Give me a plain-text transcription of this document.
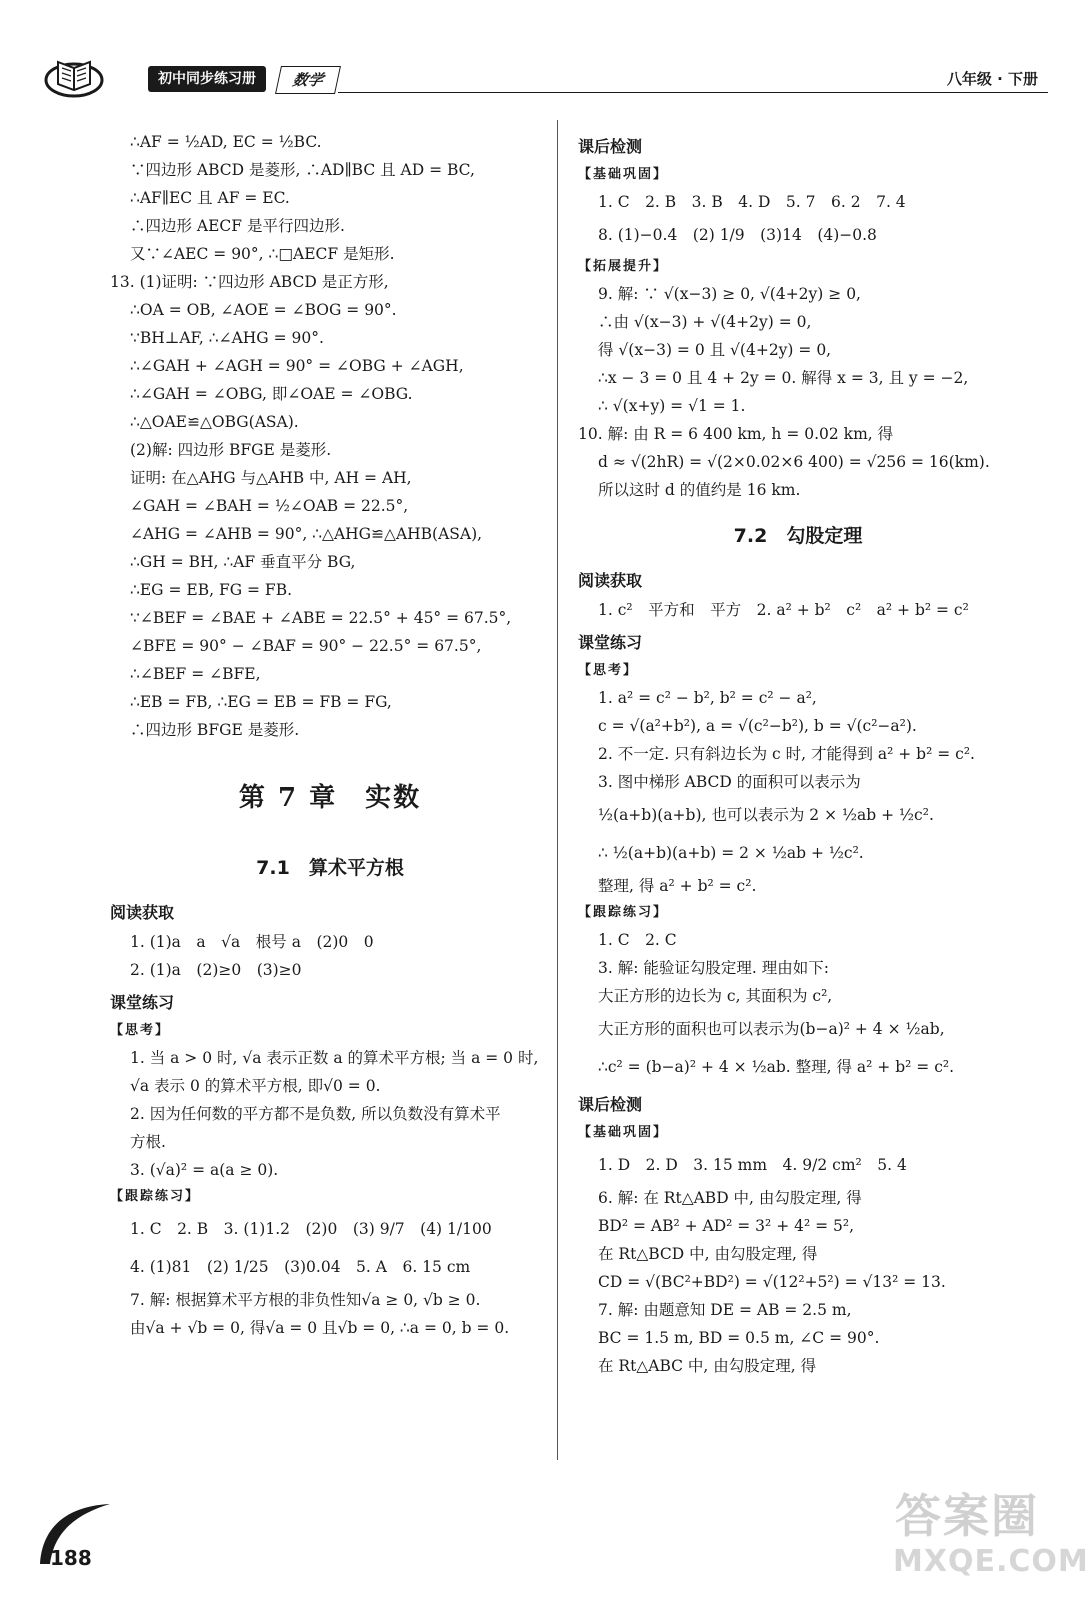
初中同步练习册	数学	八年级 · 下册
∴AF = ½AD, EC = ½BC.
∵四边形 ABCD 是菱形, ∴AD∥BC 且 AD = BC,
∴AF∥EC 且 AF = EC.
∴四边形 AECF 是平行四边形.
又∵∠AEC = 90°, ∴□AECF 是矩形.
13. (1)证明: ∵四边形 ABCD 是正方形,
∴OA = OB, ∠AOE = ∠BOG = 90°.
∵BH⊥AF, ∴∠AHG = 90°.
∴∠GAH + ∠AGH = 90° = ∠OBG + ∠AGH,
∴∠GAH = ∠OBG, 即∠OAE = ∠OBG.
∴△OAE≌△OBG(ASA).
(2)解: 四边形 BFGE 是菱形.
证明: 在△AHG 与△AHB 中, AH = AH,
∠GAH = ∠BAH = ½∠OAB = 22.5°,
∠AHG = ∠AHB = 90°, ∴△AHG≌△AHB(ASA),
∴GH = BH, ∴AF 垂直平分 BG,
∴EG = EB, FG = FB.
∵∠BEF = ∠BAE + ∠ABE = 22.5° + 45° = 67.5°,
∠BFE = 90° − ∠BAF = 90° − 22.5° = 67.5°,
∴∠BEF = ∠BFE,
∴EB = FB, ∴EG = EB = FB = FG,
∴四边形 BFGE 是菱形.
第 7 章　实数
7.1　算术平方根
阅读获取
1. (1)a　a　√a　根号 a　(2)0　0
2. (1)a　(2)≥0　(3)≥0
课堂练习
【思考】
1. 当 a > 0 时, √a 表示正数 a 的算术平方根; 当 a = 0 时,
√a 表示 0 的算术平方根, 即√0 = 0.
2. 因为任何数的平方都不是负数, 所以负数没有算术平
方根.
3. (√a)² = a(a ≥ 0).
【跟踪练习】
1. C　2. B　3. (1)1.2　(2)0　(3) 9/7　(4) 1/100
4. (1)81　(2) 1/25　(3)0.04　5. A　6. 15 cm
7. 解: 根据算术平方根的非负性知√a ≥ 0, √b ≥ 0.
由√a + √b = 0, 得√a = 0 且√b = 0, ∴a = 0, b = 0.
课后检测
【基础巩固】
1. C　2. B　3. B　4. D　5. 7　6. 2　7. 4
8. (1)−0.4　(2) 1/9　(3)14　(4)−0.8
【拓展提升】
9. 解: ∵ √(x−3) ≥ 0, √(4+2y) ≥ 0,
∴由 √(x−3) + √(4+2y) = 0,
得 √(x−3) = 0 且 √(4+2y) = 0,
∴x − 3 = 0 且 4 + 2y = 0. 解得 x = 3, 且 y = −2,
∴ √(x+y) = √1 = 1.
10. 解: 由 R = 6 400 km, h = 0.02 km, 得
d ≈ √(2hR) = √(2×0.02×6 400) = √256 = 16(km).
所以这时 d 的值约是 16 km.
7.2　勾股定理
阅读获取
1. c²　平方和　平方　2. a² + b²　c²　a² + b² = c²
课堂练习
【思考】
1. a² = c² − b², b² = c² − a²,
c = √(a²+b²), a = √(c²−b²), b = √(c²−a²).
2. 不一定. 只有斜边长为 c 时, 才能得到 a² + b² = c².
3. 图中梯形 ABCD 的面积可以表示为
½(a+b)(a+b), 也可以表示为 2 × ½ab + ½c².
∴ ½(a+b)(a+b) = 2 × ½ab + ½c².
整理, 得 a² + b² = c².
【跟踪练习】
1. C　2. C
3. 解: 能验证勾股定理. 理由如下:
大正方形的边长为 c, 其面积为 c²,
大正方形的面积也可以表示为(b−a)² + 4 × ½ab,
∴c² = (b−a)² + 4 × ½ab. 整理, 得 a² + b² = c².
课后检测
【基础巩固】
1. D　2. D　3. 15 mm　4. 9/2 cm²　5. 4
6. 解: 在 Rt△ABD 中, 由勾股定理, 得
BD² = AB² + AD² = 3² + 4² = 5²,
在 Rt△BCD 中, 由勾股定理, 得
CD = √(BC²+BD²) = √(12²+5²) = √13² = 13.
7. 解: 由题意知 DE = AB = 2.5 m,
BC = 1.5 m, BD = 0.5 m, ∠C = 90°.
在 Rt△ABC 中, 由勾股定理, 得
188
答案圈
MXQE.COM
